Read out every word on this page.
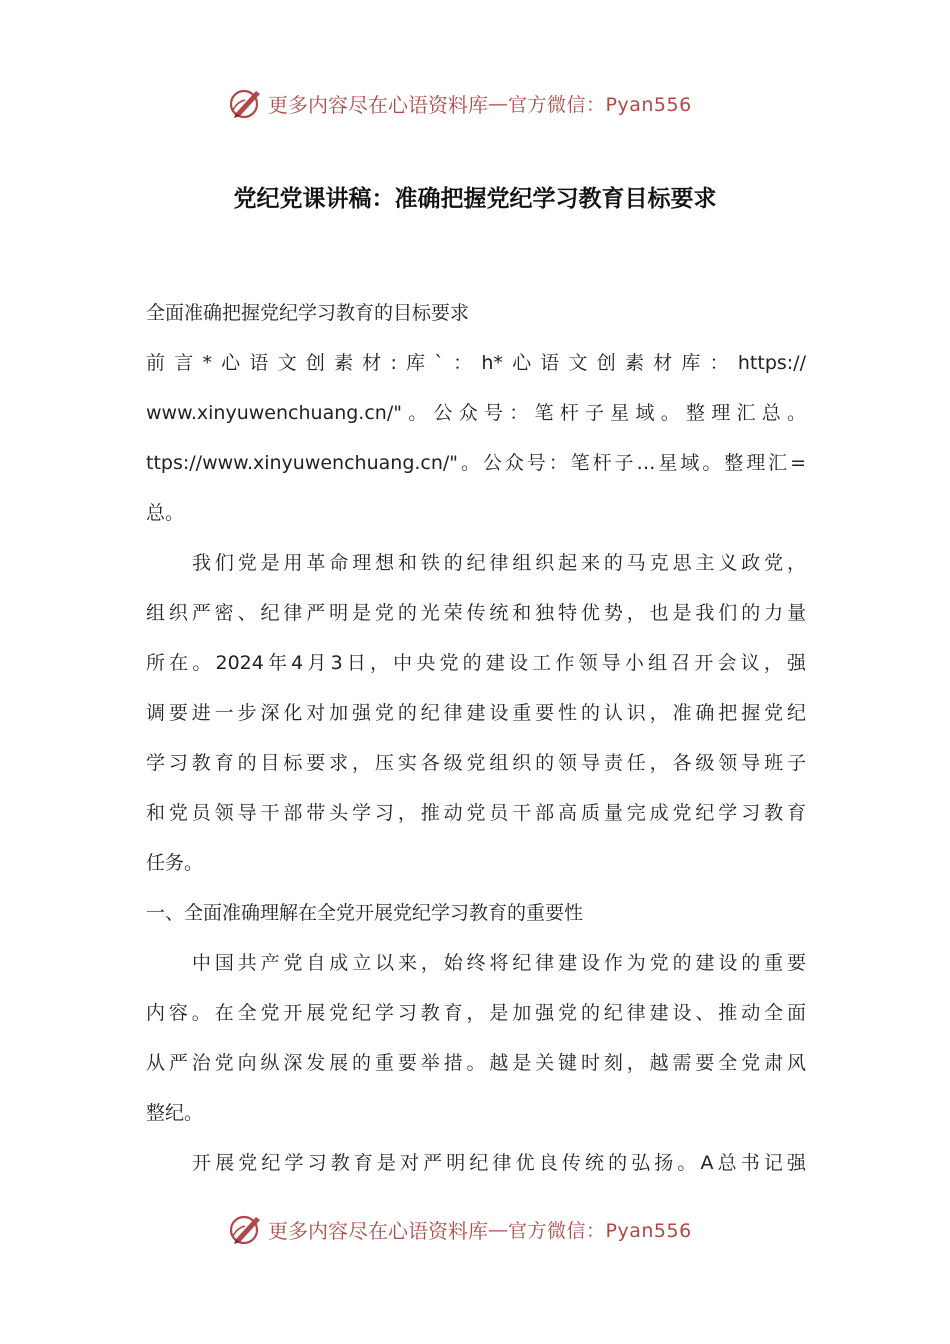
更多内容尽在心语资料库 — 官方微信：Pyan556
党纪党课讲稿：准确把握党纪学习教育目标要求
全面准确把握党纪学习教育的目标要求
前言*心语文创素材:库`：h*心语文创素材库：https://
www.xinyuwenchuang.cn/"。公众号：笔杆子星域。整理汇总。
ttps://www.xinyuwenchuang.cn/"。公众号：笔杆子…星域。整理汇=
总。
我们党是用革命理想和铁的纪律组织起来的马克思主义政党，
组织严密、纪律严明是党的光荣传统和独特优势，也是我们的力量
所在。2024年4月3日，中央党的建设工作领导小组召开会议，强
调要进一步深化对加强党的纪律建设重要性的认识，准确把握党纪
学习教育的目标要求，压实各级党组织的领导责任，各级领导班子
和党员领导干部带头学习，推动党员干部高质量完成党纪学习教育
任务。
一、全面准确理解在全党开展党纪学习教育的重要性
中国共产党自成立以来，始终将纪律建设作为党的建设的重要
内容。在全党开展党纪学习教育，是加强党的纪律建设、推动全面
从严治党向纵深发展的重要举措。越是关键时刻，越需要全党肃风
整纪。
开展党纪学习教育是对严明纪律优良传统的弘扬。A总书记强
更多内容尽在心语资料库 — 官方微信：Pyan556
